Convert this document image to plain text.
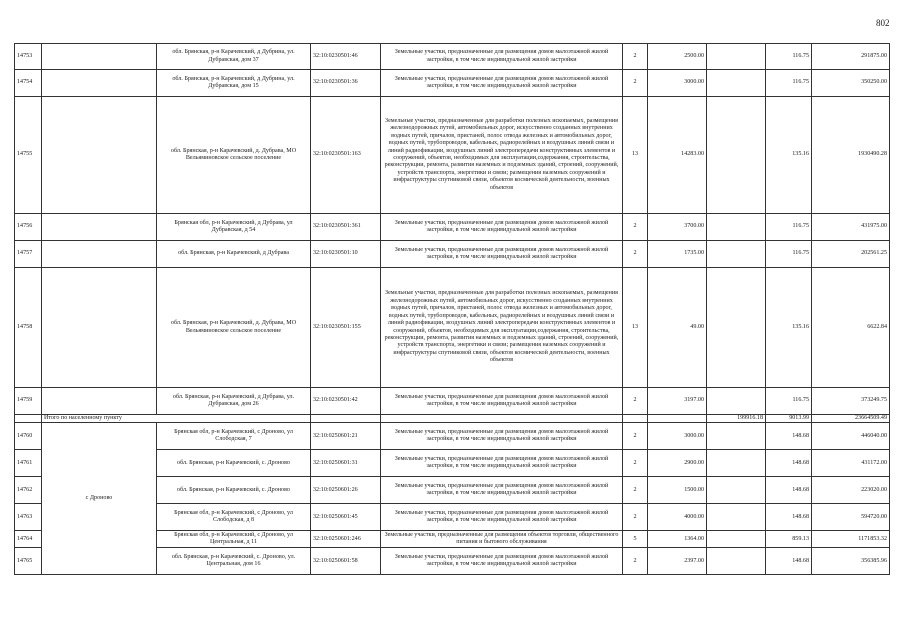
802
14753		обл. Брянская, р-н Карачевский, д Дубрина, ул. Дубравская, дом 37	32:10:0230501:46	Земельные участки, предназначенные для размещения домов малоэтажной жилой застройки, в том числе индивидуальной жилой застройки	2	2500.00		116.75	291875.00
14754		обл. Брянская, р-н Карачевский, д Дубрина, ул. Дубравская, дом 15	32:10:0230501:36	Земельные участки, предназначенные для размещения домов малоэтажной жилой застройки, в том числе индивидуальной жилой застройки	2	3000.00		116.75	350250.00
14755		обл. Брянская, р-н Карачевский, д. Дубрава, МО Вельяминовское сельское поселение	32:10:0230501:163	Земельные участки, предназначенные для разработки полезных ископаемых, размещения железнодорожных путей, автомобильных дорог, искусственно созданных внутренних водных путей, причалов, пристаней, полос отвода железных и автомобильных дорог, водных путей, трубопроводов, кабельных, радиорелейных и воздушных линий связи и линий радиофикации, воздушных линий электропередачи конструктивных элементов и сооружений, объектов, необходимых для эксплуатации,содержания, строительства, реконструкции, ремонта, развития наземных и подземных зданий, строений, сооружений, устройств транспорта, энергетики и связи; размещения наземных сооружений и инфраструктуры спутниковой связи, объектов космической деятельности, военных объектов	13	14283.00		135.16	1930490.28
14756		Брянская обл, р-н Карачевский, д Дубрава, ул Дубравская, д 54	32:10:0230501:361	Земельные участки, предназначенные для размещения домов малоэтажной жилой застройки, в том числе индивидуальной жилой застройки	2	3700.00		116.75	431975.00
14757		обл. Брянская, р-н Карачевский, д Дубрава	32:10:0230501:10	Земельные участки, предназначенные для размещения домов малоэтажной жилой застройки, в том числе индивидуальной жилой застройки	2	1735.00		116.75	202561.25
14758		обл. Брянская, р-н Карачевский, д. Дубрава, МО Вельяминовское сельское поселение	32:10:0230501:155	Земельные участки, предназначенные для разработки полезных ископаемых, размещения железнодорожных путей, автомобильных дорог, искусственно созданных внутренних водных путей, причалов, пристаней, полос отвода железных и автомобильных дорог, водных путей, трубопроводов, кабельных, радиорелейных и воздушных линий связи и линий радиофикации, воздушных линий электропередачи конструктивных элементов и сооружений, объектов, необходимых для эксплуатации,содержания, строительства, реконструкции, ремонта, развития наземных и подземных зданий, строений, сооружений, устройств транспорта, энергетики и связи; размещения наземных сооружений и инфраструктуры спутниковой связи, объектов космической деятельности, военных объектов	13	49.00		135.16	6622.84
14759		обл. Брянская, р-н Карачевский, д Дубрава, ул. Дубравская, дом 26	32:10:0230501:42	Земельные участки, предназначенные для размещения домов малоэтажной жилой застройки, в том числе индивидуальной жилой застройки	2	3197.00		116.75	373249.75
	Итого по населенному пункту						199916.18	9013.99	23664509.49
14760	с Дроново	Брянская обл, р-н Карачевский, с Дроново, ул Слободская, 7	32:10:0250601:21	Земельные участки, предназначенные для размещения домов малоэтажной жилой застройки, в том числе индивидуальной жилой застройки	2	3000.00		148.68	446040.00
14761		обл. Брянская, р-н Карачевский, с. Дроново	32:10:0250601:31	Земельные участки, предназначенные для размещения домов малоэтажной жилой застройки, в том числе индивидуальной жилой застройки	2	2900.00		148.68	431172.00
14762		обл. Брянская, р-н Карачевский, с. Дроново	32:10:0250601:26	Земельные участки, предназначенные для размещения домов малоэтажной жилой застройки, в том числе индивидуальной жилой застройки	2	1500.00		148.68	223020.00
14763		Брянская обл, р-н Карачевский, с Дроново, ул Слободская, д 8	32:10:0250601:45	Земельные участки, предназначенные для размещения домов малоэтажной жилой застройки, в том числе индивидуальной жилой застройки	2	4000.00		148.68	594720.00
14764		Брянская обл, р-н Карачевский, с Дроново, ул Центральная, д 11	32:10:0250601:246	Земельные участки, предназначенные для размещения объектов торговли, общественного питания и бытового обслуживания	5	1364.00		859.13	1171853.32
14765		обл. Брянская, р-н Карачевский, с. Дроново, ул. Центральная, дом 16	32:10:0250601:58	Земельные участки, предназначенные для размещения домов малоэтажной жилой застройки, в том числе индивидуальной жилой застройки	2	2397.00		148.68	356385.96
